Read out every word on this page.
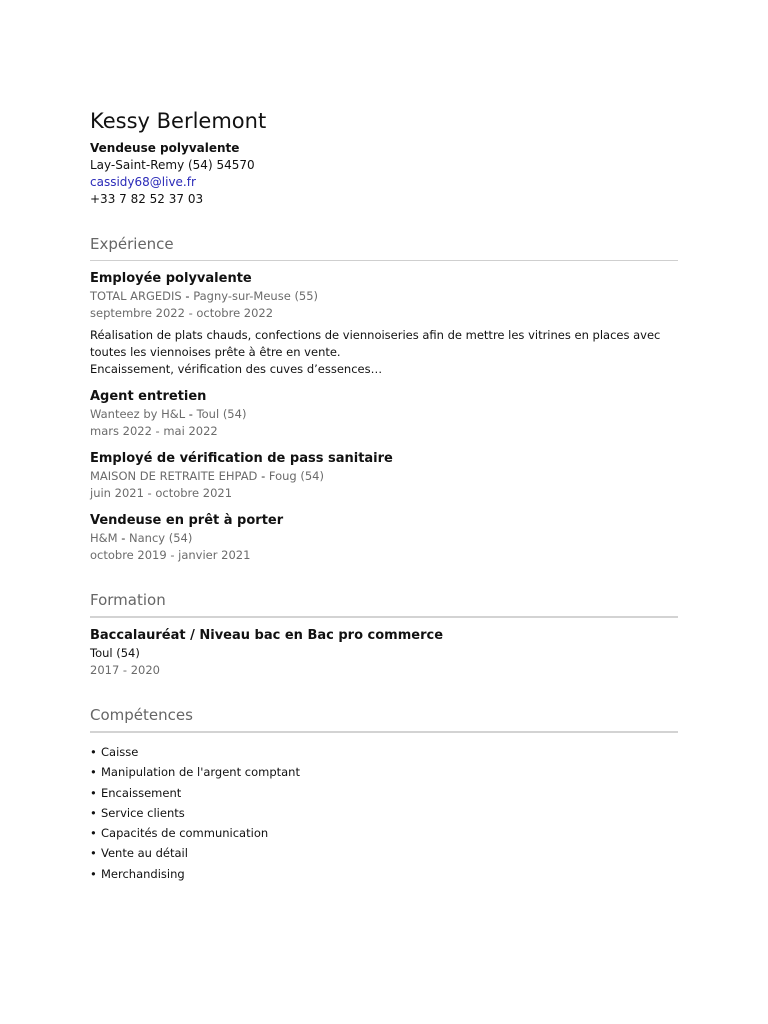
Kessy Berlemont
Vendeuse polyvalente
Lay-Saint-Remy (54) 54570
cassidy68@live.fr
+33 7 82 52 37 03
Expérience
Employée polyvalente
TOTAL ARGEDIS - Pagny-sur-Meuse (55)
septembre 2022 - octobre 2022
Réalisation de plats chauds, confections de viennoiseries afin de mettre les vitrines en places avec toutes les viennoises prête à être en vente.
Encaissement, vérification des cuves d’essences…
Agent entretien
Wanteez by H&L - Toul (54)
mars 2022 - mai 2022
Employé de vérification de pass sanitaire
MAISON DE RETRAITE EHPAD - Foug (54)
juin 2021 - octobre 2021
Vendeuse en prêt à porter
H&M - Nancy (54)
octobre 2019 - janvier 2021
Formation
Baccalauréat / Niveau bac en Bac pro commerce
Toul (54)
2017 - 2020
Compétences
• Caisse
• Manipulation de l'argent comptant
• Encaissement
• Service clients
• Capacités de communication
• Vente au détail
• Merchandising
